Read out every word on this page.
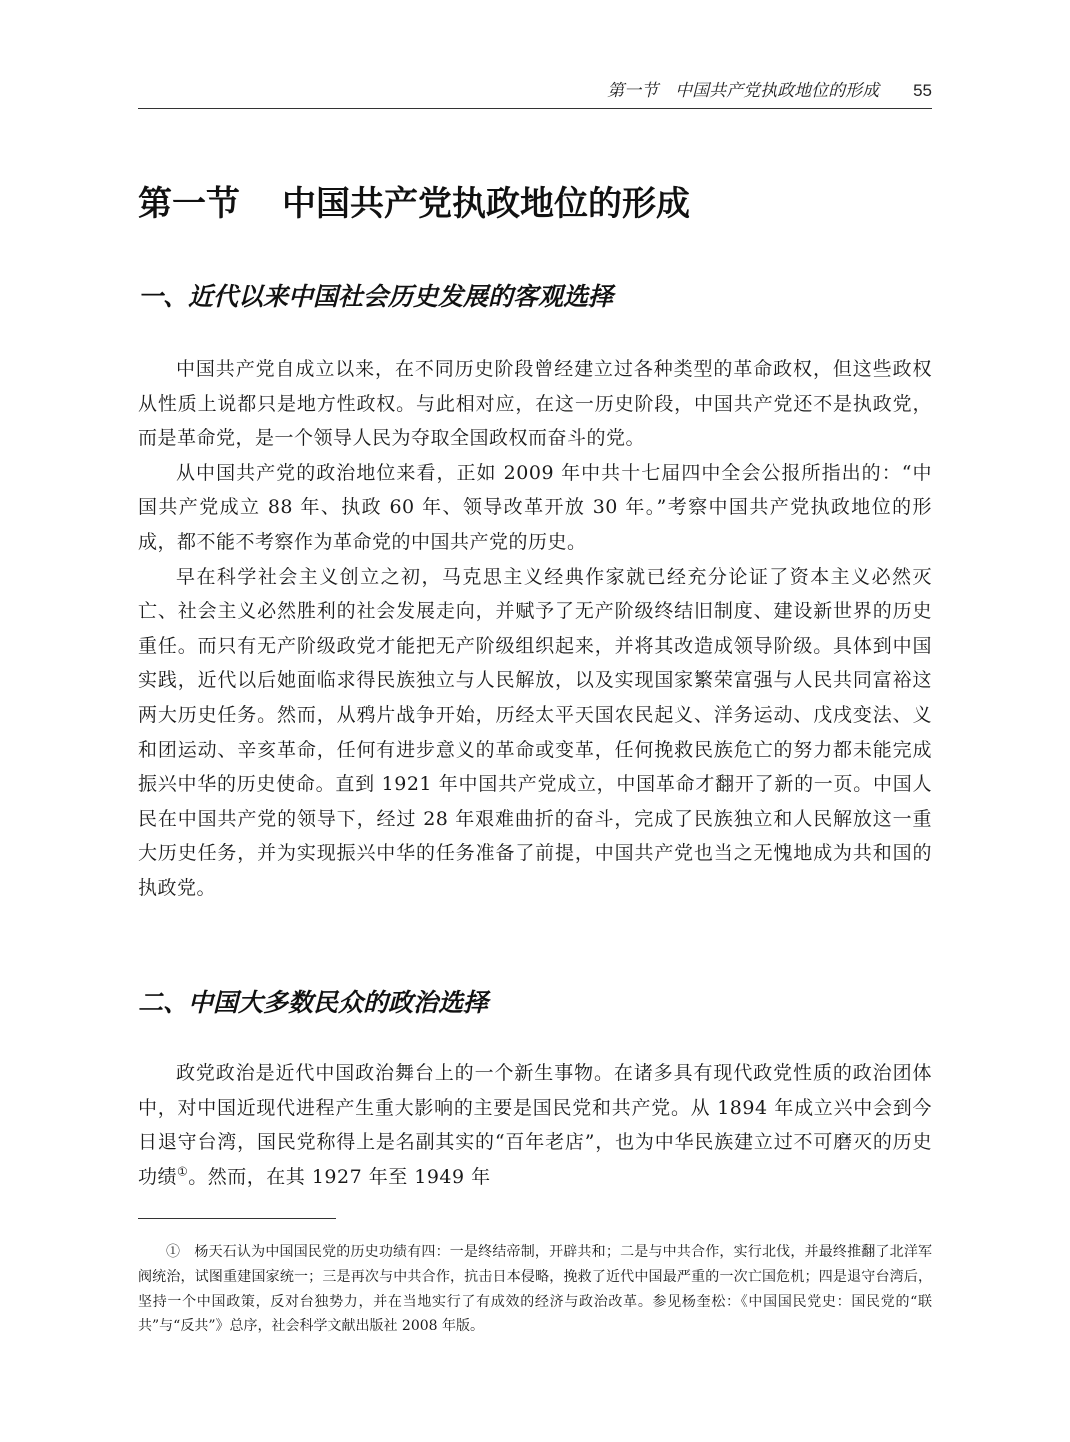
第一节　中国共产党执政地位的形成 55
第一节 中国共产党执政地位的形成
一、近代以来中国社会历史发展的客观选择

中国共产党自成立以来，在不同历史阶段曾经建立过各种类型的革命政权，但这些政权从性质上说都只是地方性政权。与此相对应，在这一历史阶段，中国共产党还不是执政党，而是革命党，是一个领导人民为夺取全国政权而奋斗的党。

从中国共产党的政治地位来看，正如 2009 年中共十七届四中全会公报所指出的：“中国共产党成立 88 年、执政 60 年、领导改革开放 30 年。”考察中国共产党执政地位的形成，都不能不考察作为革命党的中国共产党的历史。

早在科学社会主义创立之初，马克思主义经典作家就已经充分论证了资本主义必然灭亡、社会主义必然胜利的社会发展走向，并赋予了无产阶级终结旧制度、建设新世界的历史重任。而只有无产阶级政党才能把无产阶级组织起来，并将其改造成领导阶级。具体到中国实践，近代以后她面临求得民族独立与人民解放，以及实现国家繁荣富强与人民共同富裕这两大历史任务。然而，从鸦片战争开始，历经太平天国农民起义、洋务运动、戊戌变法、义和团运动、辛亥革命，任何有进步意义的革命或变革，任何挽救民族危亡的努力都未能完成振兴中华的历史使命。直到 1921 年中国共产党成立，中国革命才翻开了新的一页。中国人民在中国共产党的领导下，经过 28 年艰难曲折的奋斗，完成了民族独立和人民解放这一重大历史任务，并为实现振兴中华的任务准备了前提，中国共产党也当之无愧地成为共和国的执政党。

二、中国大多数民众的政治选择

政党政治是近代中国政治舞台上的一个新生事物。在诸多具有现代政党性质的政治团体中，对中国近现代进程产生重大影响的主要是国民党和共产党。从 1894 年成立兴中会到今日退守台湾，国民党称得上是名副其实的“百年老店”，也为中华民族建立过不可磨灭的历史功绩①。然而，在其 1927 年至 1949 年

①　 杨天石认为中国国民党的历史功绩有四：一是终结帝制，开辟共和；二是与中共合作，实行北伐，并最终推翻了北洋军阀统治，试图重建国家统一；三是再次与中共合作，抗击日本侵略，挽救了近代中国最严重的一次亡国危机；四是退守台湾后，坚持一个中国政策，反对台独势力，并在当地实行了有成效的经济与政治改革。参见杨奎松：《中国国民党史：国民党的“联共”与“反共”》总序，社会科学文献出版社 2008 年版。
